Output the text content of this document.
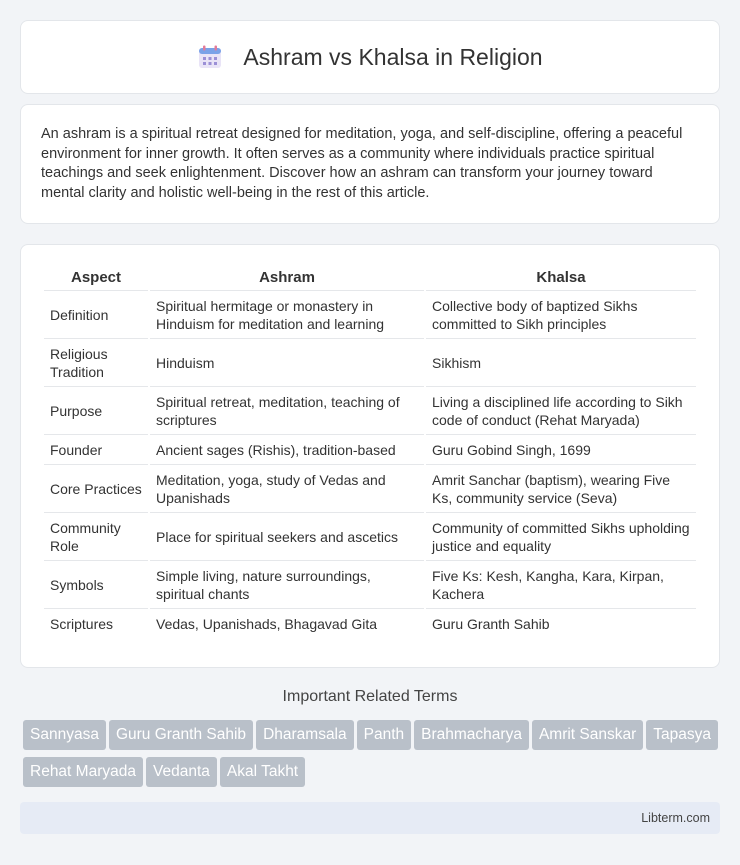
Ashram vs Khalsa in Religion

An ashram is a spiritual retreat designed for meditation, yoga, and self-discipline, offering a peaceful environment for inner growth. It often serves as a community where individuals practice spiritual teachings and seek enlightenment. Discover how an ashram can transform your journey toward mental clarity and holistic well-being in the rest of this article.

Aspect	Ashram	Khalsa
Definition	Spiritual hermitage or monastery in Hinduism for meditation and learning	Collective body of baptized Sikhs committed to Sikh principles
Religious Tradition	Hinduism	Sikhism
Purpose	Spiritual retreat, meditation, teaching of scriptures	Living a disciplined life according to Sikh code of conduct (Rehat Maryada)
Founder	Ancient sages (Rishis), tradition-based	Guru Gobind Singh, 1699
Core Practices	Meditation, yoga, study of Vedas and Upanishads	Amrit Sanchar (baptism), wearing Five Ks, community service (Seva)
Community Role	Place for spiritual seekers and ascetics	Community of committed Sikhs upholding justice and equality
Symbols	Simple living, nature surroundings, spiritual chants	Five Ks: Kesh, Kangha, Kara, Kirpan, Kachera
Scriptures	Vedas, Upanishads, Bhagavad Gita	Guru Granth Sahib
Important Related Terms
Sannyasa Guru Granth Sahib Dharamsala Panth Brahmacharya Amrit Sanskar TapasyaRehat Maryada Vedanta Akal Takht
Libterm.com
